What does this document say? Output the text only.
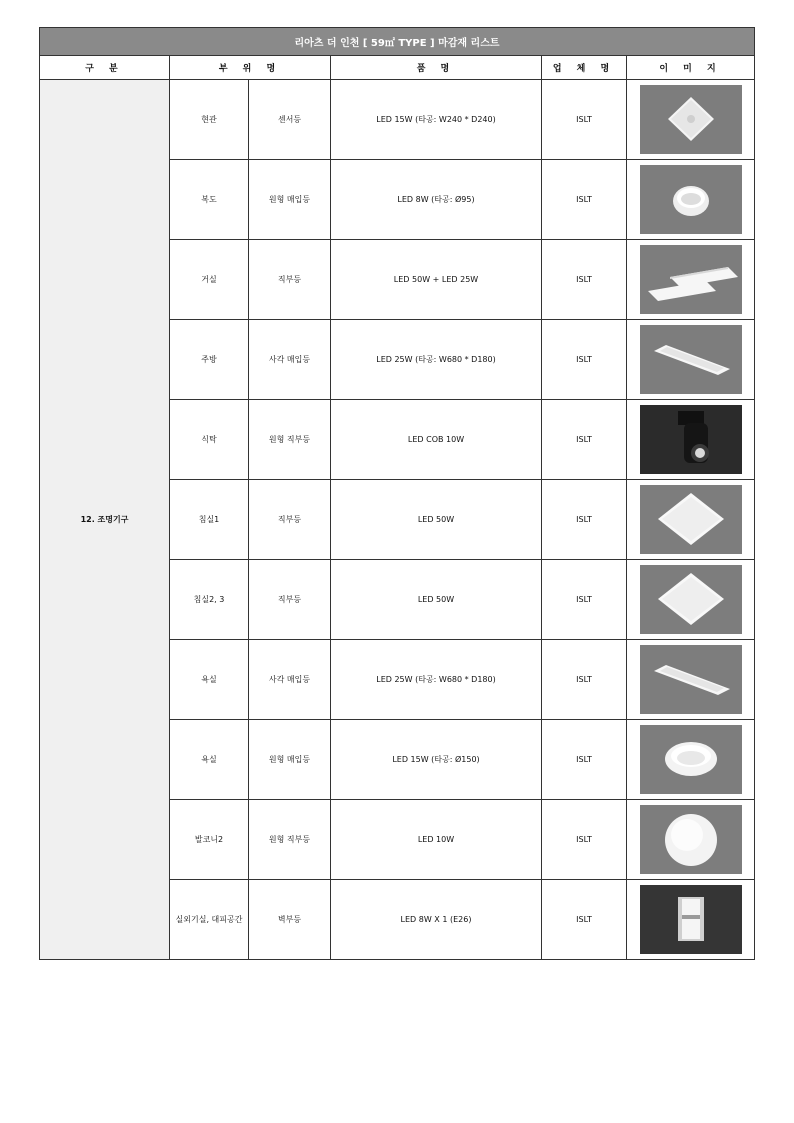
리아츠 더 인천 [ 59㎡ TYPE ] 마감재 리스트					
구 분	부 위 명		품 명	업 체 명	이 미 지
12. 조명기구	현관	센서등	LED 15W (타공: W240 * D240)	ISLT	

	복도	원형 매입등	LED 8W (타공: Ø95)	ISLT	

	거실	직부등	LED 50W + LED 25W	ISLT	

	주방	사각 매입등	LED 25W (타공: W680 * D180)	ISLT	

	식탁	원형 직부등	LED COB 10W	ISLT	

	침실1	직부등	LED 50W	ISLT	

	침실2, 3	직부등	LED 50W	ISLT	

	욕실	사각 매입등	LED 25W (타공: W680 * D180)	ISLT	

	욕실	원형 매입등	LED 15W (타공: Ø150)	ISLT	

	발코니2	원형 직부등	LED 10W	ISLT	

	실외기실, 대피공간	벽부등	LED 8W X 1 (E26)	ISLT	
